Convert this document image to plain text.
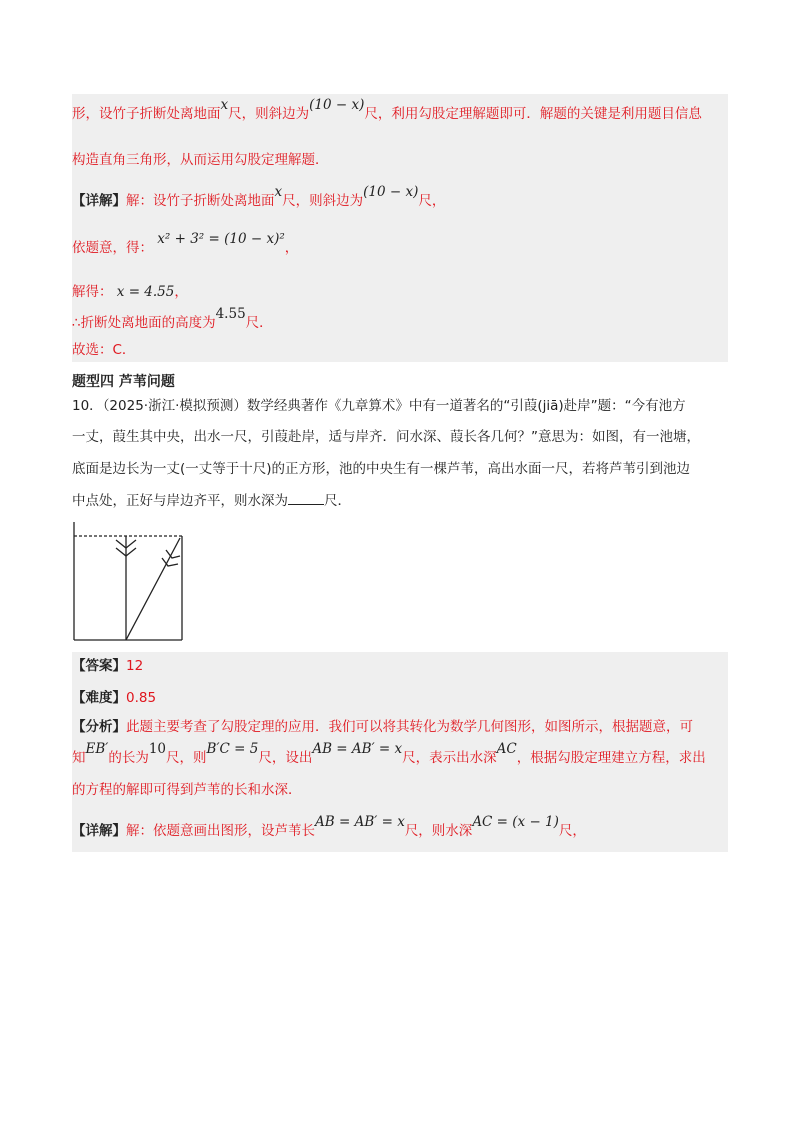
形，设竹子折断处离地面x尺，则斜边为(10 − x)尺，利用勾股定理解题即可．解题的关键是利用题目信息
构造直角三角形，从而运用勾股定理解题．
【详解】解：设竹子折断处离地面x尺，则斜边为(10 − x)尺，
依题意，得： x² + 3² = (10 − x)²，
解得： x = 4.55，
∴折断处离地面的高度为4.55尺．
故选：C．
题型四 芦苇问题
10．（2025·浙江·模拟预测）数学经典著作《九章算术》中有一道著名的“引葭(jiā)赴岸”题：“今有池方
一丈，葭生其中央，出水一尺，引葭赴岸，适与岸齐．问水深、葭长各几何？”意思为：如图，有一池塘，
底面是边长为一丈(一丈等于十尺)的正方形，池的中央生有一棵芦苇，高出水面一尺，若将芦苇引到池边
中点处，正好与岸边齐平，则水深为	尺．
【答案】12
【难度】0.85
【分析】此题主要考查了勾股定理的应用．我们可以将其转化为数学几何图形，如图所示，根据题意，可
知EB′的长为10尺，则B′C = 5尺，设出AB = AB′ = x尺，表示出水深AC，根据勾股定理建立方程，求出
的方程的解即可得到芦苇的长和水深．
【详解】解：依题意画出图形，设芦苇长AB = AB′ = x尺，则水深AC = (x − 1)尺，
